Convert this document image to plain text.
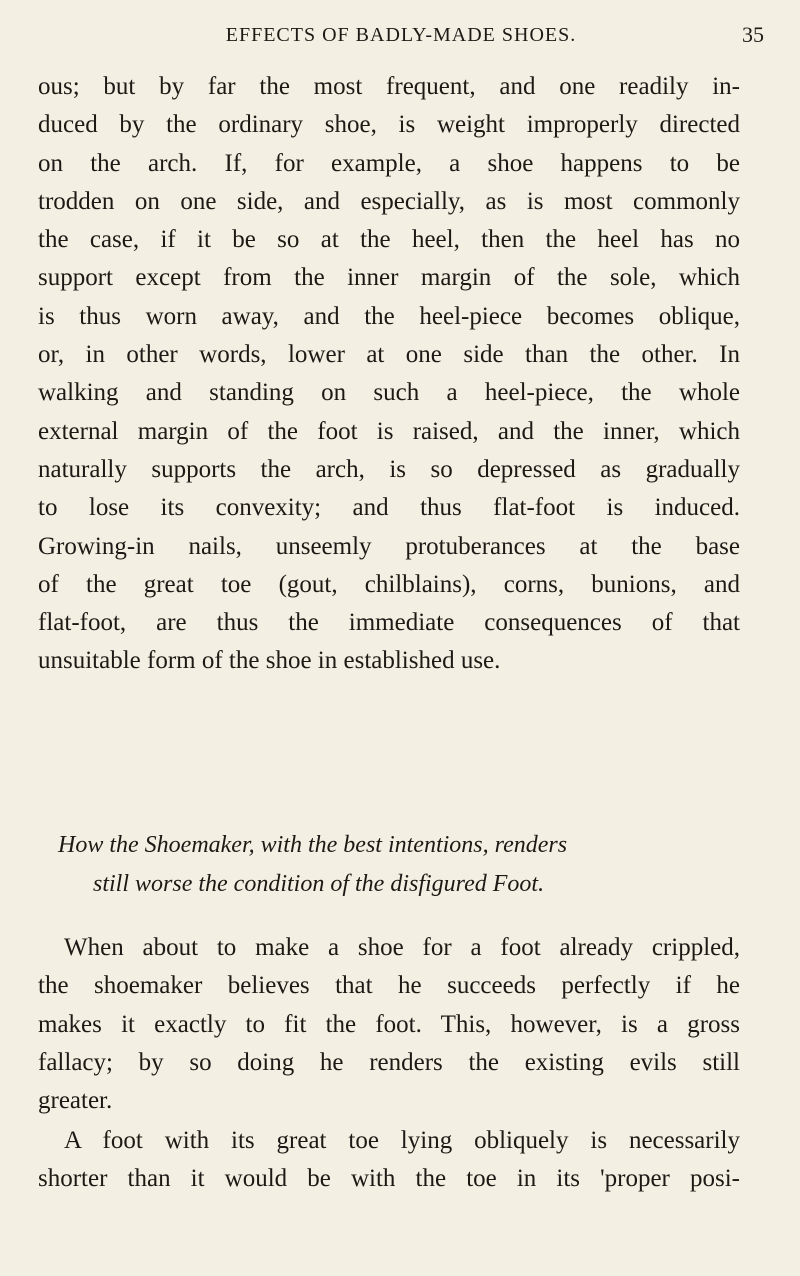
EFFECTS OF BADLY-MADE SHOES.	35
ous; but by far the most frequent, and one readily in-
duced by the ordinary shoe, is weight improperly directed
on the arch. If, for example, a shoe happens to be
trodden on one side, and especially, as is most commonly
the case, if it be so at the heel, then the heel has no
support except from the inner margin of the sole, which
is thus worn away, and the heel-piece becomes oblique,
or, in other words, lower at one side than the other. In
walking and standing on such a heel-piece, the whole
external margin of the foot is raised, and the inner, which
naturally supports the arch, is so depressed as gradually
to lose its convexity; and thus flat-foot is induced.
Growing-in nails, unseemly protuberances at the base
of the great toe (gout, chilblains), corns, bunions, and
flat-foot, are thus the immediate consequences of that
unsuitable form of the shoe in established use.
How the Shoemaker, with the best intentions, renders
still worse the condition of the disfigured Foot.
When about to make a shoe for a foot already crippled,
the shoemaker believes that he succeeds perfectly if he
makes it exactly to fit the foot. This, however, is a gross
fallacy; by so doing he renders the existing evils still
greater.
A foot with its great toe lying obliquely is necessarily
shorter than it would be with the toe in its 'proper posi-
